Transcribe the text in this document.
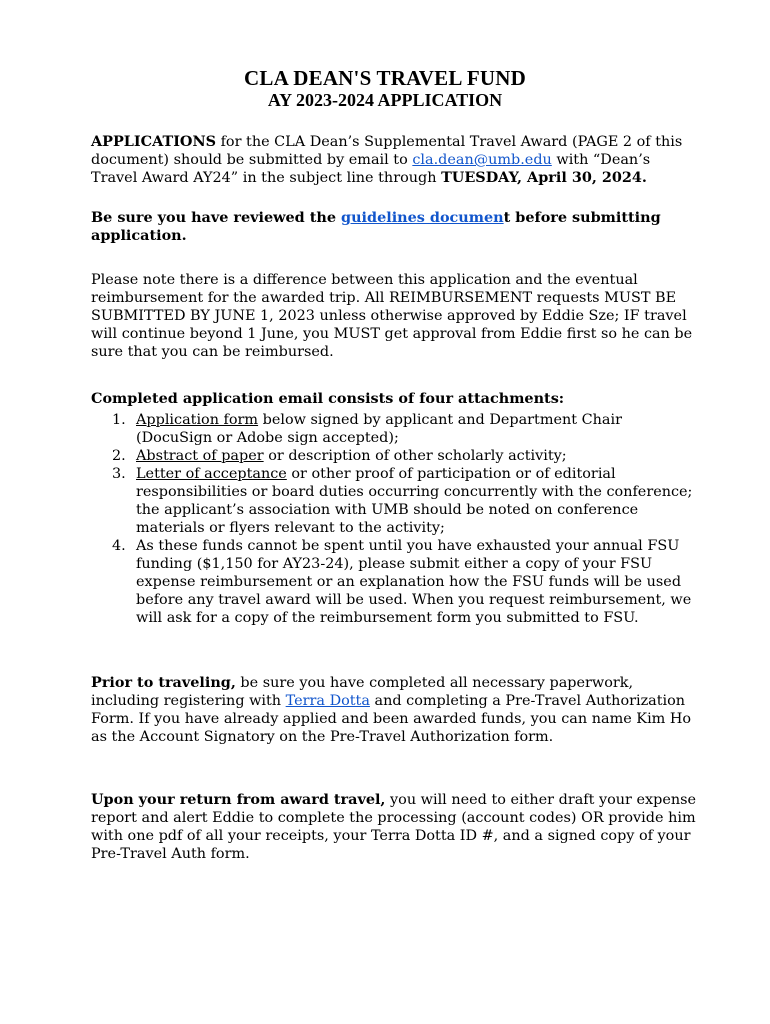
CLA DEAN'S TRAVEL FUND
AY 2023-2024 APPLICATION
APPLICATIONS for the CLA Dean’s Supplemental Travel Award (PAGE 2 of this document) should be submitted by email to cla.dean@umb.edu with “Dean’s Travel Award AY24” in the subject line through TUESDAY, April 30, 2024.
Be sure you have reviewed the guidelines document before submitting application.
Please note there is a difference between this application and the eventual reimbursement for the awarded trip. All REIMBURSEMENT requests MUST BE SUBMITTED BY JUNE 1, 2023 unless otherwise approved by Eddie Sze; IF travel will continue beyond 1 June, you MUST get approval from Eddie first so he can be sure that you can be reimbursed.
Completed application email consists of four attachments:
1. Application form below signed by applicant and Department Chair (DocuSign or Adobe sign accepted);
2. Abstract of paper or description of other scholarly activity;
3. Letter of acceptance or other proof of participation or of editorial responsibilities or board duties occurring concurrently with the conference; the applicant’s association with UMB should be noted on conference materials or flyers relevant to the activity;
4. As these funds cannot be spent until you have exhausted your annual FSU funding ($1,150 for AY23-24), please submit either a copy of your FSU expense reimbursement or an explanation how the FSU funds will be used before any travel award will be used. When you request reimbursement, we will ask for a copy of the reimbursement form you submitted to FSU.
Prior to traveling, be sure you have completed all necessary paperwork, including registering with Terra Dotta and completing a Pre-Travel Authorization Form. If you have already applied and been awarded funds, you can name Kim Ho as the Account Signatory on the Pre-Travel Authorization form.
Upon your return from award travel, you will need to either draft your expense report and alert Eddie to complete the processing (account codes) OR provide him with one pdf of all your receipts, your Terra Dotta ID #, and a signed copy of your Pre-Travel Auth form.
